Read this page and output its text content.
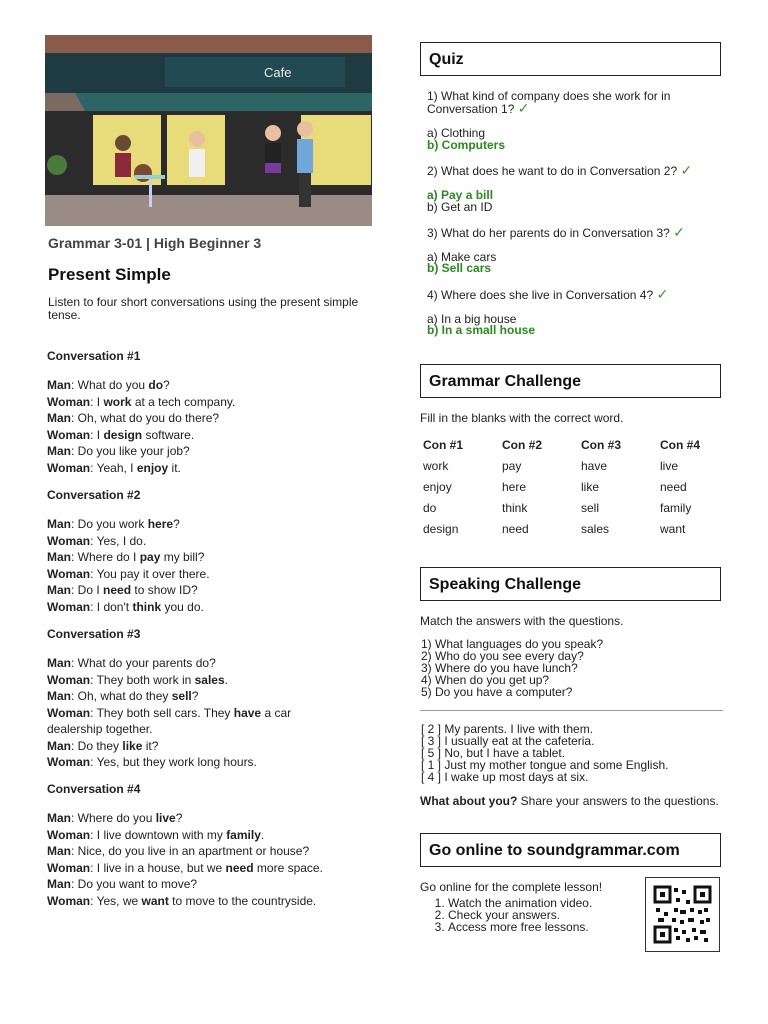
Cafe
Grammar 3-01 | High Beginner 3
Present Simple
Listen to four short conversations using the present simple tense.
Conversation #1
Man: What do you do?
Woman: I work at a tech company.
Man: Oh, what do you do there?
Woman: I design software.
Man: Do you like your job?
Woman: Yeah, I enjoy it.
Conversation #2
Man: Do you work here?
Woman: Yes, I do.
Man: Where do I pay my bill?
Woman: You pay it over there.
Man: Do I need to show ID?
Woman: I don't think you do.
Conversation #3
Man: What do your parents do?
Woman: They both work in sales.
Man: Oh, what do they sell?
Woman: They both sell cars. They have a car dealership together.
Man: Do they like it?
Woman: Yes, but they work long hours.
Conversation #4
Man: Where do you live?
Woman: I live downtown with my family.
Man: Nice, do you live in an apartment or house?
Woman: I live in a house, but we need more space.
Man: Do you want to move?
Woman: Yes, we want to move to the countryside.
Quiz
1) What kind of company does she work for in Conversation 1? ✓
a) Clothing
b) Computers
2) What does he want to do in Conversation 2? ✓
a) Pay a bill
b) Get an ID
3) What do her parents do in Conversation 3? ✓
a) Make cars
b) Sell cars
4) Where does she live in Conversation 4? ✓
a) In a big house
b) In a small house
Grammar Challenge
Fill in the blanks with the correct word.
Con #1	Con #2	Con #3	Con #4
work	pay	have	live
enjoy	here	like	need
do	think	sell	family
design	need	sales	want
Speaking Challenge
Match the answers with the questions.
1) What languages do you speak?
2) Who do you see every day?
3) Where do you have lunch?
4) When do you get up?
5) Do you have a computer?
[ 2 ] My parents. I live with them.
[ 3 ] I usually eat at the cafeteria.
[ 5 ] No, but I have a tablet.
[ 1 ] Just my mother tongue and some English.
[ 4 ] I wake up most days at six.
What about you? Share your answers to the questions.
Go online to soundgrammar.com
Go online for the complete lesson!
1. Watch the animation video.
2. Check your answers.
3. Access more free lessons.
